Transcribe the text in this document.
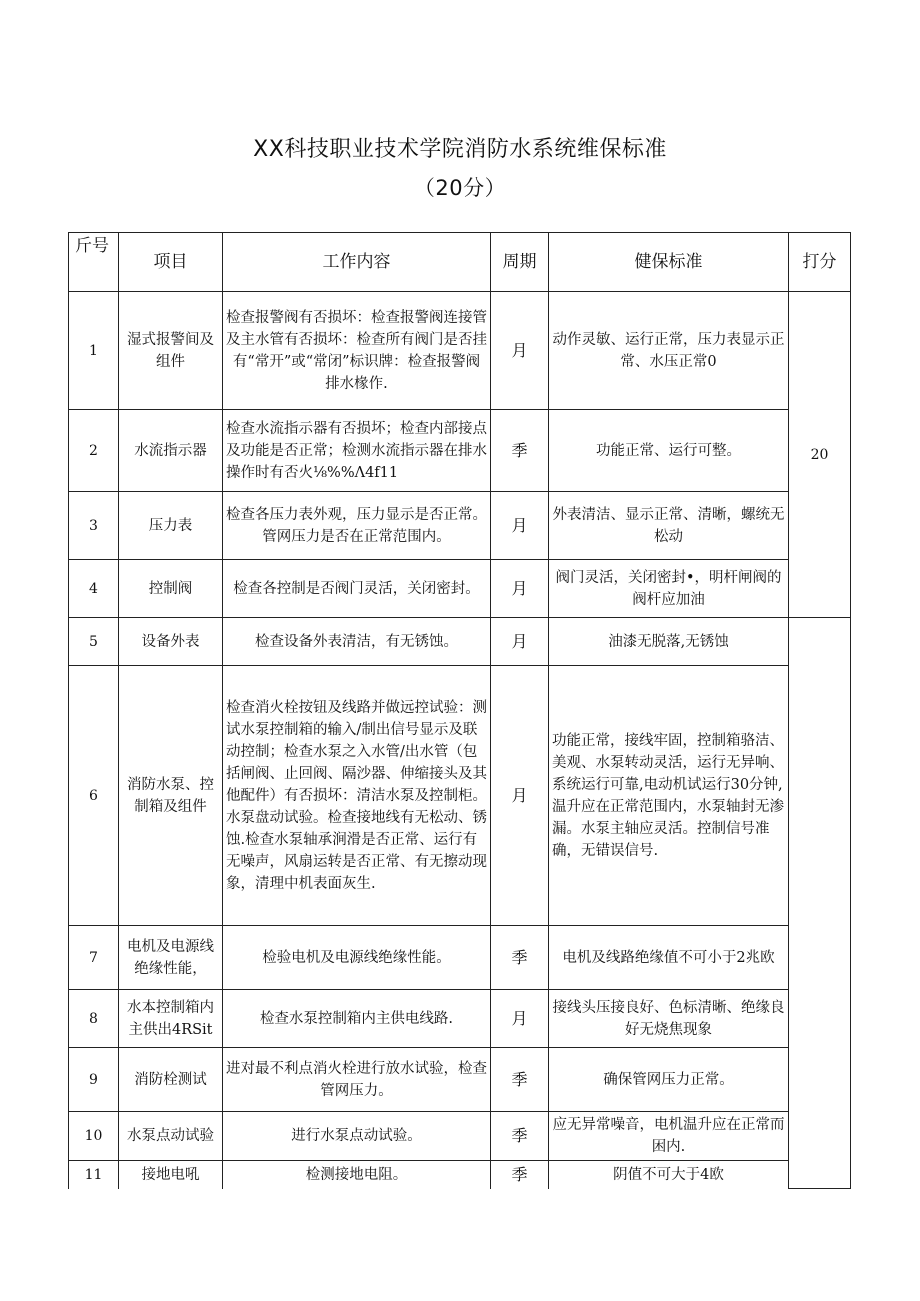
XX科技职业技术学院消防水系统维保标准
（20分）
斤号	项目	工作内容	周期	健保标准	打分
1	湿式报警间及组件	检查报警阀有否损坏：检查报警阀连接管及主水管有否损坏：检查所有阀门是否挂有“常开”或“常闭”标识牌：检查报警阀排水椽作.	月	动作灵敏、运行正常，压力表显示正常、水压正常0	20
2	水流指示器	检查水流指示器有否损坏；检查内部接点及功能是否正常；检测水流指示器在排水操作时有否火⅛%%Λ4f11	季	功能正常、运行可整。	
3	压力表	检查各压力表外观，压力显示是否正常。管网压力是否在正常范围内。	月	外表清洁、显示正常、清晰，螺统无松动	
4	控制阀	检查各控制是否阀门灵活，关闭密封。	月	阀门灵活，关闭密封•，明杆闸阀的阀杆应加油	
5	设备外表	检查设备外表清洁，有无锈蚀。	月	油漆无脱落,无锈蚀	
6	消防水泵、控制箱及组件	检查消火栓按钮及线路并做远控试验：测试水泵控制箱的输入/制出信号显示及联动控制；检查水泵之入水管/出水管（包括闸阀、止回阀、隔沙器、伸缩接头及其他配件）有否损坏：清洁水泵及控制柜。水泵盘动试验。检查接地线有无松动、锈蚀.检查水泵轴承涧滑是否正常、运行有无噪声，风扇运转是否正常、有无擦动现象，清理中机表面灰生.	月	功能正常，接线牢固，控制箱骆洁、美观、水泵转动灵活，运行无异响、系统运行可靠,电动机试运行30分钟,温升应在正常范围内，水泵轴封无渗漏。水泵主轴应灵活。控制信号准确，无错误信号.	
7	电机及电源线绝缘性能，	检验电机及电源线绝缘性能。	季	电机及线路绝缘值不可小于2兆欧	
8	水本控制箱内主供出4RSit	检查水泵控制箱内主供电线路.	月	接线头压接良好、色标清晰、绝缘良好无烧焦现象	
9	消防栓测试	进对最不利点消火栓进行放水试验，检查管网压力。	季	确保管网压力正常。	
10	水泵点动试验	进行水泵点动试验。	季	应无异常噪音，电机温升应在正常而困内.	
11	接地电吼	检测接地电阻。	季	阴值不可大于4欧	
